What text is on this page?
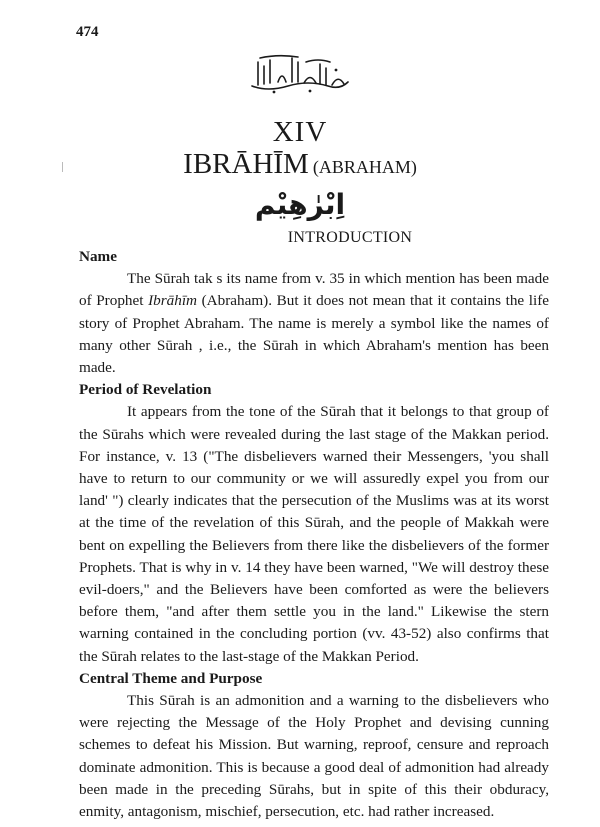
474
XIV
IBRĀHĪM (ABRAHAM)
اِبْرٰهِيْم
INTRODUCTION
Name

The Sūrah tak s its name from v. 35 in which mention has been made of Prophet Ibrāhīm (Abraham). But it does not mean that it contains the life story of Prophet Abraham. The name is merely a symbol like the names of many other Sūrah , i.e., the Sūrah in which Abraham's mention has been made.

Period of Revelation

It appears from the tone of the Sūrah that it belongs to that group of the Sūrahs which were revealed during the last stage of the Makkan period. For instance, v. 13 ("The disbelievers warned their Messengers, 'you shall have to return to our community or we will assuredly expel you from our land' ") clearly indicates that the persecution of the Muslims was at its worst at the time of the revelation of this Sūrah, and the people of Makkah were bent on expelling the Believers from there like the disbelievers of the former Prophets. That is why in v. 14 they have been warned, "We will destroy these evil-doers," and the Believers have been comforted as were the believers before them, "and after them settle you in the land." Likewise the stern warning contained in the concluding portion (vv. 43-52) also confirms that the Sūrah relates to the last-stage of the Makkan Period.

Central Theme and Purpose

This Sūrah is an admonition and a warning to the disbelievers who were rejecting the Message of the Holy Prophet and devising cunning schemes to defeat his Mission. But warning, reproof, censure and reproach dominate admonition. This is because a good deal of admonition had already been made in the preceding Sūrahs, but in spite of this their obduracy, enmity, antagonism, mischief, persecution, etc. had rather increased.
